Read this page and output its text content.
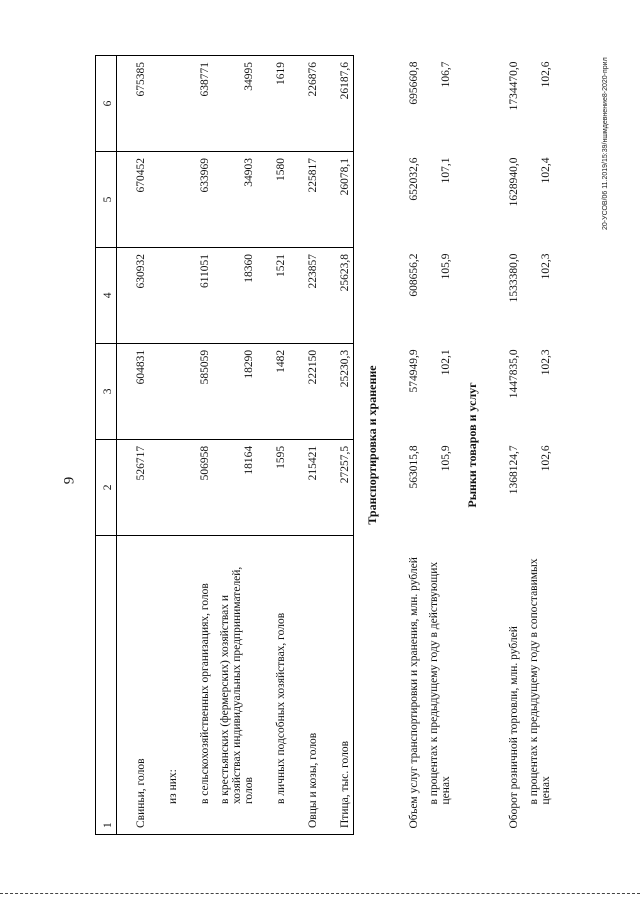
9
1	2	3	4	5	6
Свиньи, голов	526717	604831	630932	670452	675385
из них:					
в сельскохозяйственных организациях, голов	506958	585059	611051	633969	638771
в крестьянских (фермерских) хозяйствах и хозяйствах индивидуальных предпринимателей, голов	18164	18290	18360	34903	34995
в личных подсобных хозяйствах, голов	1595	1482	1521	1580	1619
Овцы и козы, голов	215421	222150	223857	225817	226876
Птица, тыс. голов	27257,5	25230,3	25623,8	26078,1	26187,6
Транспортировка и хранение					
Объем услуг транспортировки и хранения, млн. рублей	563015,8	574949,9	608656,2	652032,6	695660,8
в процентах к предыдущему году в действующих ценах	105,9	102,1	105,9	107,1	106,7
Рынки товаров и услуг					
Оборот розничной торговли, млн. рублей	1368124,7	1447835,0	1533380,0	1628940,0	1734470,0
в процентах к предыдущему году в сопоставимых ценах	102,6	102,3	102,3	102,4	102,6	20-УСОВ/06 11.2019/15:39/ншмдевнение8-2020-прил
